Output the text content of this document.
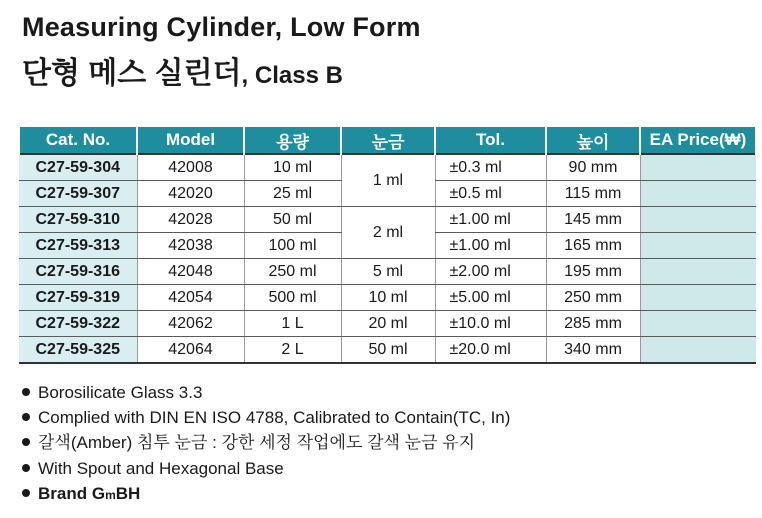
Measuring Cylinder, Low Form
단형 메스 실린더, Class B
Cat. No.	Model	용량	눈금	Tol.	높이	EA Price(₩)
C27-59-304	42008	10 ml	1 ml	±0.3 ml	90 mm	
C27-59-307	42020	25 ml		±0.5 ml	115 mm	
C27-59-310	42028	50 ml	2 ml	±1.00 ml	145 mm	
C27-59-313	42038	100 ml		±1.00 ml	165 mm	
C27-59-316	42048	250 ml	5 ml	±2.00 ml	195 mm	
C27-59-319	42054	500 ml	10 ml	±5.00 ml	250 mm	
C27-59-322	42062	1 L	20 ml	±10.0 ml	285 mm	
C27-59-325	42064	2 L	50 ml	±20.0 ml	340 mm	
Borosilicate Glass 3.3
Complied with DIN EN ISO 4788, Calibrated to Contain(TC, In)
갈색(Amber) 침투 눈금 : 강한 세정 작업에도 갈색 눈금 유지
With Spout and Hexagonal Base
Brand GmBH
